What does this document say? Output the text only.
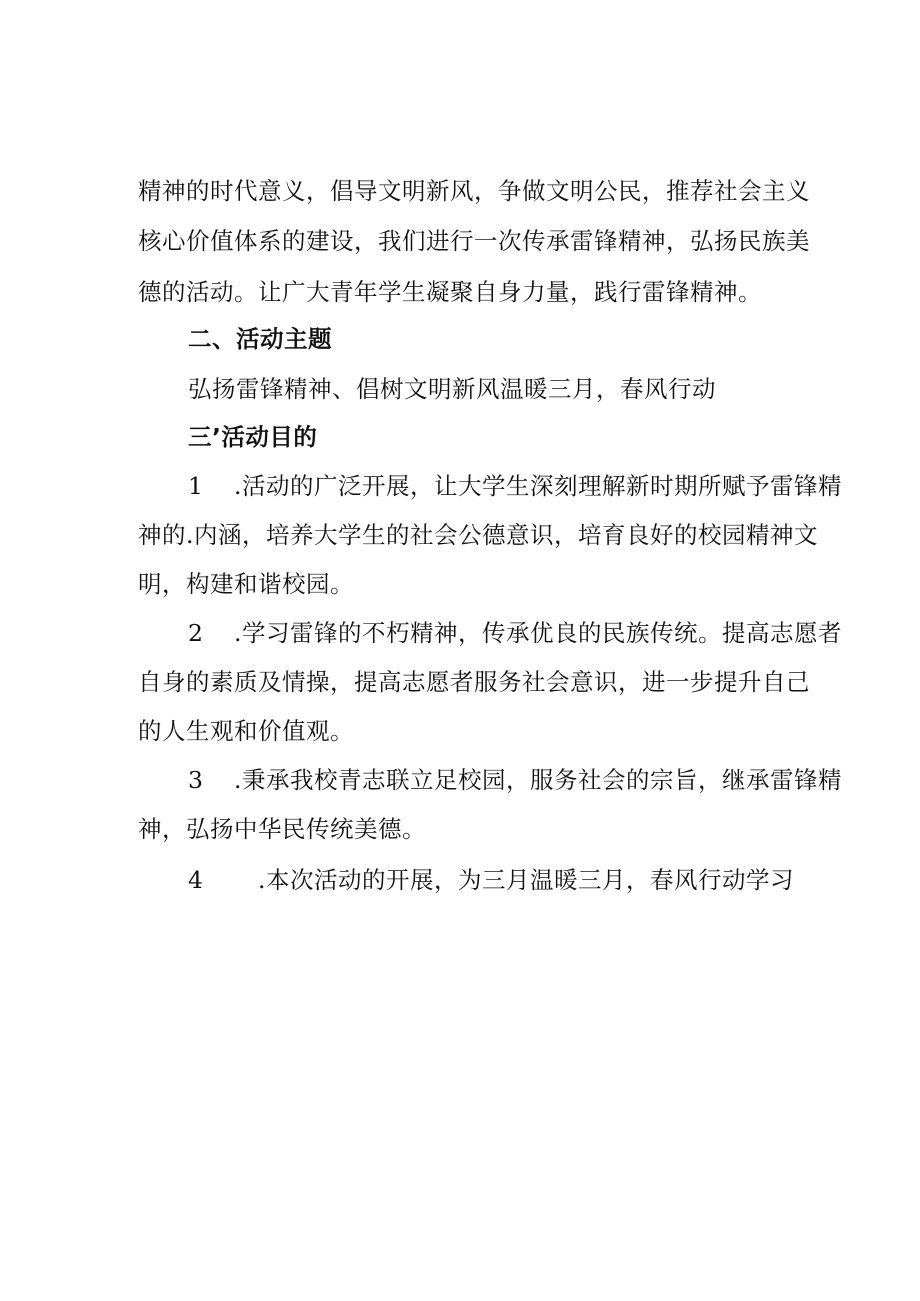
精神的时代意义，倡导文明新风，争做文明公民，推荐社会主义
核心价值体系的建设，我们进行一次传承雷锋精神，弘扬民族美
德的活动。让广大青年学生凝聚自身力量，践行雷锋精神。
二、活动主题
弘扬雷锋精神、倡树文明新风温暖三月，春风行动
三’活动目的
1 .活动的广泛开展，让大学生深刻理解新时期所赋予雷锋精
神的.内涵，培养大学生的社会公德意识，培育良好的校园精神文
明，构建和谐校园。
2 .学习雷锋的不朽精神，传承优良的民族传统。提高志愿者
自身的素质及情操，提高志愿者服务社会意识，进一步提升自己
的人生观和价值观。
3 .秉承我校青志联立足校园，服务社会的宗旨，继承雷锋精
神，弘扬中华民传统美德。
4 .本次活动的开展，为三月温暖三月，春风行动学习
